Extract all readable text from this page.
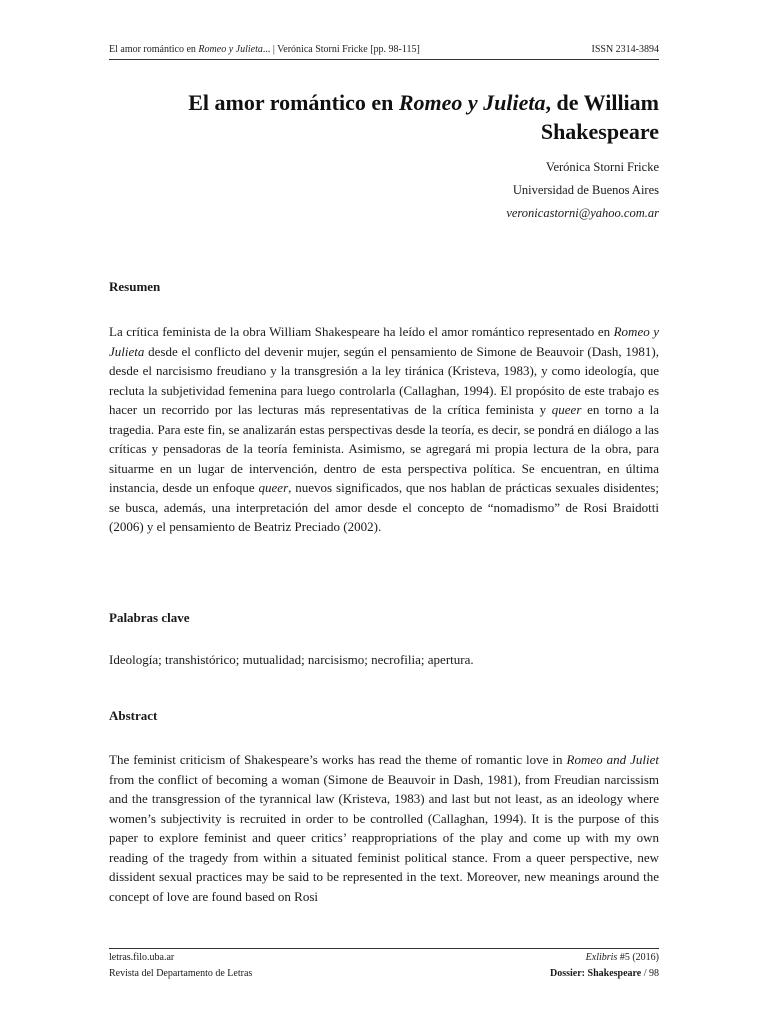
El amor romántico en Romeo y Julieta... | Verónica Storni Fricke [pp. 98-115]	ISSN 2314-3894
El amor romántico en Romeo y Julieta, de William Shakespeare
Verónica Storni Fricke
Universidad de Buenos Aires
veronicastorni@yahoo.com.ar
Resumen

La crítica feminista de la obra William Shakespeare ha leído el amor romántico representado en Romeo y Julieta desde el conflicto del devenir mujer, según el pensamiento de Simone de Beauvoir (Dash, 1981), desde el narcisismo freudiano y la transgresión a la ley tiránica (Kristeva, 1983), y como ideología, que recluta la subjetividad femenina para luego controlarla (Callaghan, 1994). El propósito de este trabajo es hacer un recorrido por las lecturas más representativas de la crítica feminista y queer en torno a la tragedia. Para este fin, se analizarán estas perspectivas desde la teoría, es decir, se pondrá en diálogo a las críticas y pensadoras de la teoría feminista. Asimismo, se agregará mi propia lectura de la obra, para situarme en un lugar de intervención, dentro de esta perspectiva política. Se encuentran, en última instancia, desde un enfoque queer, nuevos significados, que nos hablan de prácticas sexuales disidentes; se busca, además, una interpretación del amor desde el concepto de “nomadismo” de Rosi Braidotti (2006) y el pensamiento de Beatriz Preciado (2002).

Palabras clave

Ideología; transhistórico; mutualidad; narcisismo; necrofilia; apertura.

Abstract

The feminist criticism of Shakespeare’s works has read the theme of romantic love in Romeo and Juliet from the conflict of becoming a woman (Simone de Beauvoir in Dash, 1981), from Freudian narcissism and the transgression of the tyrannical law (Kristeva, 1983) and last but not least, as an ideology where women’s subjectivity is recruited in order to be controlled (Callaghan, 1994). It is the purpose of this paper to explore feminist and queer critics’ reappropriations of the play and come up with my own reading of the tragedy from within a situated feminist political stance. From a queer perspective, new dissident sexual practices may be said to be represented in the text. Moreover, new meanings around the concept of love are found based on Rosi

letras.filo.uba.ar	Exlibris #5 (2016)
Revista del Departamento de Letras	Dossier: Shakespeare / 98
